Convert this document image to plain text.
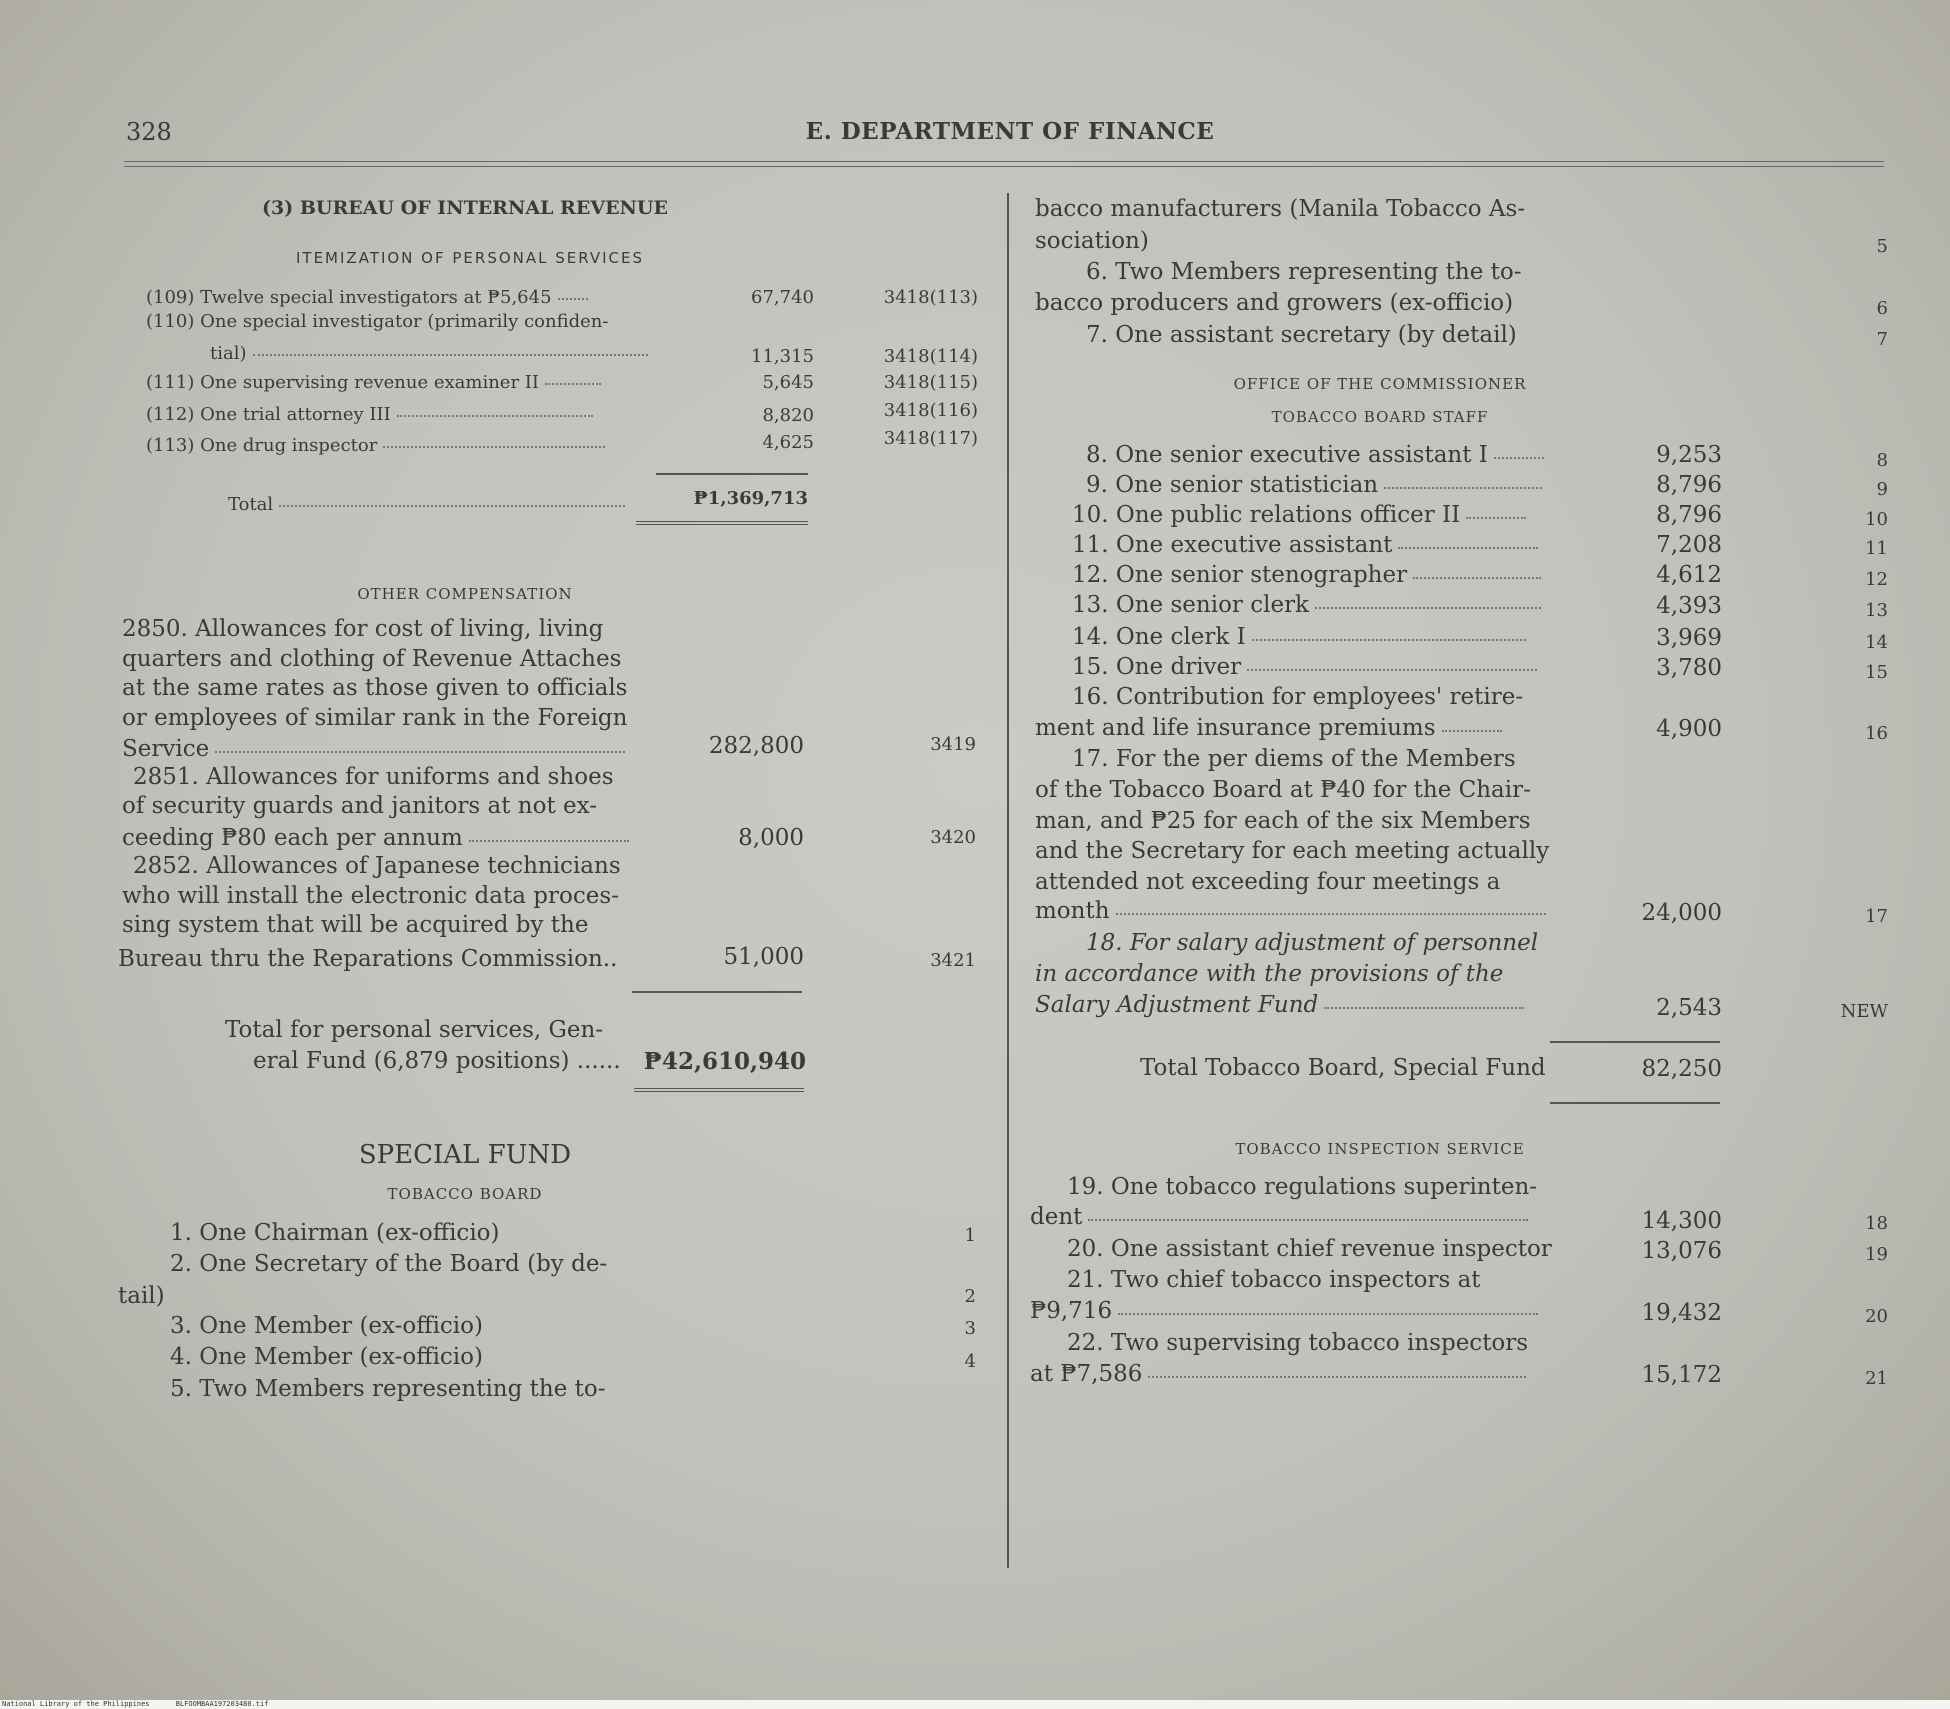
328	E. DEPARTMENT OF FINANCE
(3) BUREAU OF INTERNAL REVENUE
ITEMIZATION OF PERSONAL SERVICES
(109) Twelve special investigators at ₱5,645	67,740	3418(113)
(110) One special investigator (primarily confiden-
tial)	11,315	3418(114)
(111) One supervising revenue examiner II	5,645	3418(115)
(112) One trial attorney III	8,820	3418(116)
(113) One drug inspector	4,625	3418(117)
Total	₱1,369,713
OTHER COMPENSATION
2850. Allowances for cost of living, living
quarters and clothing of Revenue Attaches
at the same rates as those given to officials
or employees of similar rank in the Foreign
Service	282,800	3419
2851. Allowances for uniforms and shoes
of security guards and janitors at not ex-
ceeding ₱80 each per annum	8,000	3420
2852. Allowances of Japanese technicians
who will install the electronic data proces-
sing system that will be acquired by the
Bureau thru the Reparations Commission..	51,000	3421
Total for personal services, Gen-
eral Fund (6,879 positions) ...... ₱42,610,940
SPECIAL FUND
TOBACCO BOARD
1. One Chairman (ex-officio)	1
2. One Secretary of the Board (by de-
tail)	2
3. One Member (ex-officio)	3
4. One Member (ex-officio)	4
5. Two Members representing the to-
bacco manufacturers (Manila Tobacco As-
sociation)	5
6. Two Members representing the to-
bacco producers and growers (ex-officio)	6
7. One assistant secretary (by detail)	7
OFFICE OF THE COMMISSIONER
TOBACCO BOARD STAFF
8. One senior executive assistant I	9,253	8
9. One senior statistician	8,796	9
10. One public relations officer II	8,796	10
11. One executive assistant	7,208	11
12. One senior stenographer	4,612	12
13. One senior clerk	4,393	13
14. One clerk I	3,969	14
15. One driver	3,780	15
16. Contribution for employees' retire-
ment and life insurance premiums	4,900	16
17. For the per diems of the Members
of the Tobacco Board at ₱40 for the Chair-
man, and ₱25 for each of the six Members
and the Secretary for each meeting actually
attended not exceeding four meetings a
month	24,000	17
18. For salary adjustment of personnel
in accordance with the provisions of the
Salary Adjustment Fund	2,543	NEW
Total Tobacco Board, Special Fund	82,250
TOBACCO INSPECTION SERVICE
19. One tobacco regulations superinten-
dent	14,300	18
20. One assistant chief revenue inspector	13,076	19
21. Two chief tobacco inspectors at
₱9,716	19,432	20
22. Two supervising tobacco inspectors
at ₱7,586	15,172	21
National Library of the Philippines	BLFOOMBAA197203480.tif
